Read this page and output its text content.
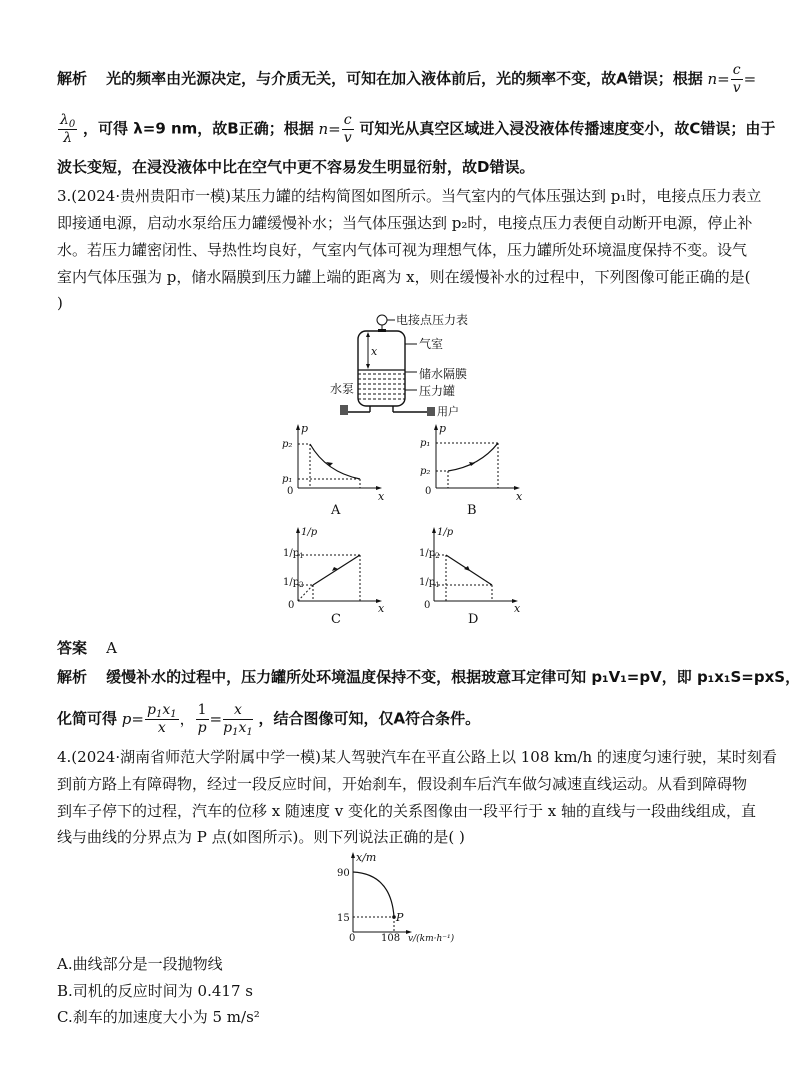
解析 光的频率由光源决定，与介质无关，可知在加入液体前后，光的频率不变，故A错误；根据 $n= \frac{c}{v}$ =
$\frac{\lambda_0}{\lambda}$ ，可得 λ=9 nm，故B正确；根据 $n= \frac{c}{v}$ 可知光从真空区域进入浸没液体传播速度变小，故C错误；由于
波长变短，在浸没液体中比在空气中更不容易发生明显衍射，故D错误。
3.(2024·贵州贵阳市一模)某压力罐的结构简图如图所示。当气室内的气体压强达到 p₁时，电接点压力表立
即接通电源，启动水泵给压力罐缓慢补水；当气体压强达到 p₂时，电接点压力表便自动断开电源，停止补
水。若压力罐密闭性、导热性均良好，气室内气体可视为理想气体，压力罐所处环境温度保持不变。设气
室内气体压强为 p，储水隔膜到压力罐上端的距离为 x，则在缓慢补水的过程中，下列图像可能正确的是(
)
x
电接点压力表
气室
储水隔膜
压力罐
水泵
用户
p
p₂
p₁
0	x
A
p
p₁
p₂
0	x
B
1/p
$1/p_1$
$1/p_2$
0	x
C
1/p
$1/p_2$
$1/p_1$
0	x
D
答案 A
解析 缓慢补水的过程中，压力罐所处环境温度保持不变，根据玻意耳定律可知 p₁V₁=pV，即 p₁x₁S=pxS，
化简可得 $p= \frac{p_1x_1}{x}$ ， $\frac{1}{p} = \frac{x}{p_1x_1}$ ，结合图像可知，仅A符合条件。
4.(2024·湖南省师范大学附属中学一模)某人驾驶汽车在平直公路上以 108 km/h 的速度匀速行驶，某时刻看
到前方路上有障碍物，经过一段反应时间，开始刹车，假设刹车后汽车做匀减速直线运动。从看到障碍物
到车子停下的过程，汽车的位移 x 随速度 v 变化的关系图像由一段平行于 x 轴的直线与一段曲线组成，直
线与曲线的分界点为 P 点(如图所示)。则下列说法正确的是( )
x/m
90
15
0	108 v/(km·h⁻¹)
P
A.曲线部分是一段抛物线
B.司机的反应时间为 0.417 s
C.刹车的加速度大小为 5 m/s²
